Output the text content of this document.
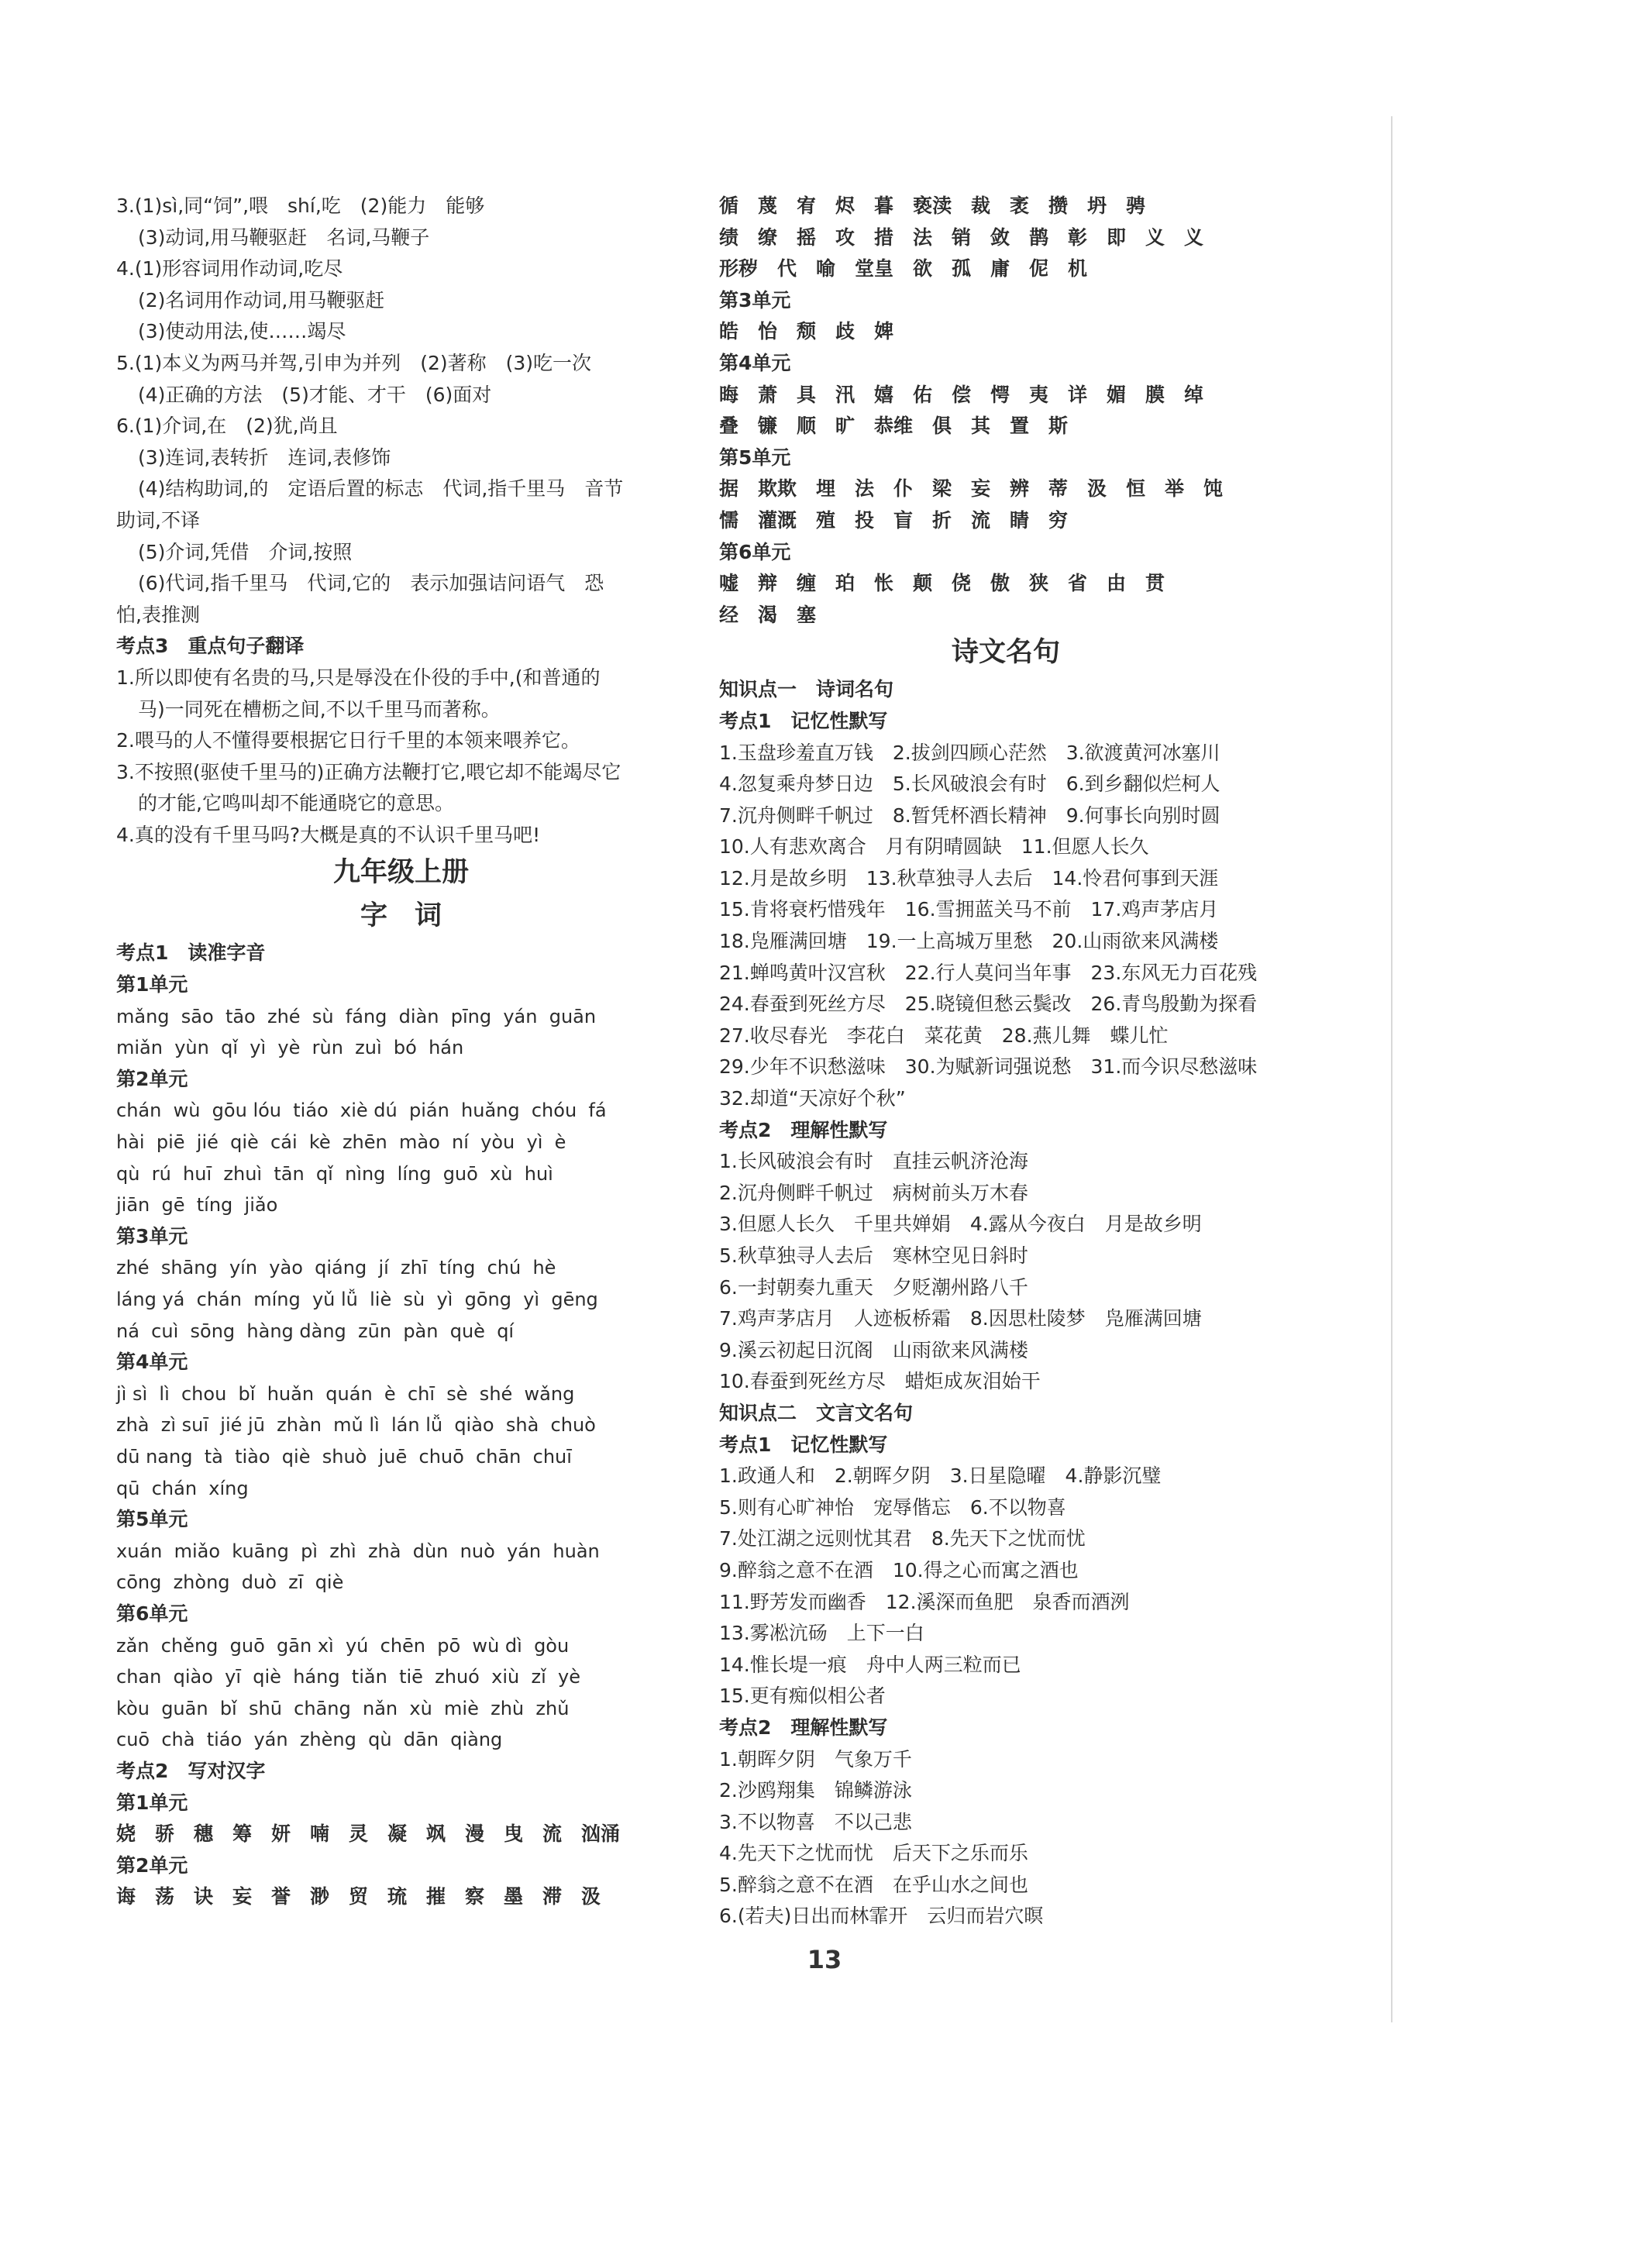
3.(1)sì,同“饲”,喂　shí,吃　(2)能力　能够
(3)动词,用马鞭驱赶　名词,马鞭子
4.(1)形容词用作动词,吃尽
(2)名词用作动词,用马鞭驱赶
(3)使动用法,使……竭尽
5.(1)本义为两马并驾,引申为并列　(2)著称　(3)吃一次
(4)正确的方法　(5)才能、才干　(6)面对
6.(1)介词,在　(2)犹,尚且
(3)连词,表转折　连词,表修饰
(4)结构助词,的　定语后置的标志　代词,指千里马　音节
助词,不译
(5)介词,凭借　介词,按照
(6)代词,指千里马　代词,它的　表示加强诘问语气　恐
怕,表推测
考点3　重点句子翻译
1.所以即使有名贵的马,只是辱没在仆役的手中,(和普通的
马)一同死在槽枥之间,不以千里马而著称。
2.喂马的人不懂得要根据它日行千里的本领来喂养它。
3.不按照(驱使千里马的)正确方法鞭打它,喂它却不能竭尽它
的才能,它鸣叫却不能通晓它的意思。
4.真的没有千里马吗?大概是真的不认识千里马吧!
九年级上册
字　词
考点1　读准字音
第1单元
mǎng  sāo  tāo  zhé  sù  fáng  diàn  pīng  yán  guān
miǎn  yùn  qǐ  yì  yè  rùn  zuì  bó  hán
第2单元
chán  wù  gōu lóu  tiáo  xiè dú  pián  huǎng  chóu  fá
hài  piē  jié  qiè  cái  kè  zhēn  mào  ní  yòu  yì  è
qù  rú  huī  zhuì  tān  qǐ  nìng  líng  guō  xù  huì
jiān  gē  tíng  jiǎo
第3单元
zhé  shāng  yín  yào  qiáng  jí  zhī  tíng  chú  hè
láng yá  chán  míng  yǔ lǚ  liè  sù  yì  gōng  yì  gēng
ná  cuì  sōng  hàng dàng  zūn  pàn  què  qí
第4单元
jì sì  lì  chou  bǐ  huǎn  quán  è  chī  sè  shé  wǎng
zhà  zì suī  jié jū  zhàn  mǔ lì  lán lǚ  qiào  shà  chuò
dū nang  tà  tiào  qiè  shuò  juē  chuō  chān  chuī
qū  chán  xíng
第5单元
xuán  miǎo  kuāng  pì  zhì  zhà  dùn  nuò  yán  huàn
cōng  zhòng  duò  zī  qiè
第6单元
zǎn  chěng  guō  gān xì  yú  chēn  pō  wù dì  gòu
chan  qiào  yī  qiè  háng  tiǎn  tiē  zhuó  xiù  zǐ  yè
kòu  guān  bǐ  shū  chāng  nǎn  xù  miè  zhù  zhǔ
cuō  chà  tiáo  yán  zhèng  qù  dān  qiàng
考点2　写对汉字
第1单元
娆　骄　穗　筹　妍　喃　灵　凝　飒　漫　曳　流　汹涌
第2单元
诲　荡　诀　妄　誉　渺　贸　琉　摧　察　墨　滞　汲
循　蔑　宥　烬　暮　亵渎　裁　袤　攒　坍　骋
绩　缭　摇　攻　措　法　销　敛　鹊　彰　即　义　义
形秽　代　喻　堂皇　欲　孤　庸　伲　机
第3单元
皓　怡　颓　歧　婢
第4单元
晦　萧　具　汛　嬉　佑　偿　愕　夷　详　媚　膜　绰
叠　镰　顺　旷　恭维　俱　其　置　斯
第5单元
据　欺欺　埋　法　仆　梁　妄　辨　蒂　汲　恒　举　饨
懦　灌溉　殖　投　盲　折　流　睛　穷
第6单元
嘘　辩　缠　珀　怅　颠　侥　傲　狭　省　由　贯
经　渴　塞
诗文名句
知识点一　诗词名句
考点1　记忆性默写
1.玉盘珍羞直万钱　2.拔剑四顾心茫然　3.欲渡黄河冰塞川
4.忽复乘舟梦日边　5.长风破浪会有时　6.到乡翻似烂柯人
7.沉舟侧畔千帆过　8.暂凭杯酒长精神　9.何事长向别时圆
10.人有悲欢离合　月有阴晴圆缺　11.但愿人长久
12.月是故乡明　13.秋草独寻人去后　14.怜君何事到天涯
15.肯将衰朽惜残年　16.雪拥蓝关马不前　17.鸡声茅店月
18.凫雁满回塘　19.一上高城万里愁　20.山雨欲来风满楼
21.蝉鸣黄叶汉宫秋　22.行人莫问当年事　23.东风无力百花残
24.春蚕到死丝方尽　25.晓镜但愁云鬓改　26.青鸟殷勤为探看
27.收尽春光　李花白　菜花黄　28.燕儿舞　蝶儿忙
29.少年不识愁滋味　30.为赋新词强说愁　31.而今识尽愁滋味
32.却道“天凉好个秋”
考点2　理解性默写
1.长风破浪会有时　直挂云帆济沧海
2.沉舟侧畔千帆过　病树前头万木春
3.但愿人长久　千里共婵娟　4.露从今夜白　月是故乡明
5.秋草独寻人去后　寒林空见日斜时
6.一封朝奏九重天　夕贬潮州路八千
7.鸡声茅店月　人迹板桥霜　8.因思杜陵梦　凫雁满回塘
9.溪云初起日沉阁　山雨欲来风满楼
10.春蚕到死丝方尽　蜡炬成灰泪始干
知识点二　文言文名句
考点1　记忆性默写
1.政通人和　2.朝晖夕阴　3.日星隐曜　4.静影沉璧
5.则有心旷神怡　宠辱偕忘　6.不以物喜
7.处江湖之远则忧其君　8.先天下之忧而忧
9.醉翁之意不在酒　10.得之心而寓之酒也
11.野芳发而幽香　12.溪深而鱼肥　泉香而酒洌
13.雾凇沆砀　上下一白
14.惟长堤一痕　舟中人两三粒而已
15.更有痴似相公者
考点2　理解性默写
1.朝晖夕阴　气象万千
2.沙鸥翔集　锦鳞游泳
3.不以物喜　不以己悲
4.先天下之忧而忧　后天下之乐而乐
5.醉翁之意不在酒　在乎山水之间也
6.(若夫)日出而林霏开　云归而岩穴暝
13
